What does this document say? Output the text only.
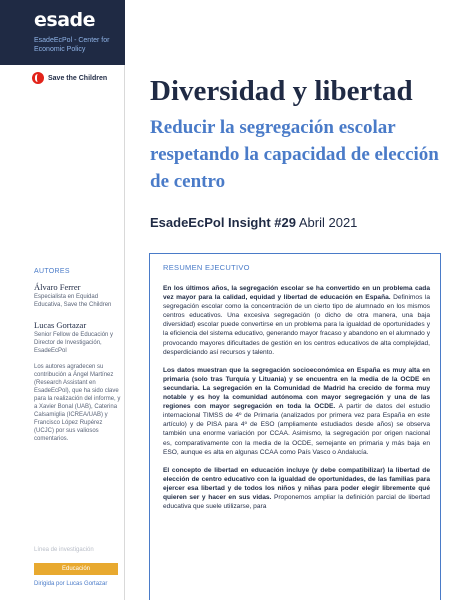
esade
EsadeEcPol - Center for Economic Policy
Save the Children
AUTORES
Álvaro Ferrer
Especialista en Equidad Educativa, Save the Children
Lucas Gortazar
Senior Fellow de Educación y Director de Investigación, EsadeEcPol
Los autores agradecen su contribución a Ángel Martínez (Research Assistant en EsadeEcPol), que ha sido clave para la realización del informe, y a Xavier Bonal (UAB), Caterina Calsamiglia (ICREA/UAB) y Francisco López Rupérez (UCJC) por sus valiosos comentarios.
Línea de investigación
Educación
Dirigida por Lucas Gortazar
Diversidad y libertad
Reducir la segregación escolar respetando la capacidad de elección de centro
EsadeEcPol Insight #29 Abril 2021
RESUMEN EJECUTIVO

En los últimos años, la segregación escolar se ha convertido en un problema cada vez mayor para la calidad, equidad y libertad de educación en España. Definimos la segregación escolar como la concentración de un cierto tipo de alumnado en los mismos centros educativos. Una excesiva segregación (o dicho de otra manera, una baja diversidad) escolar puede convertirse en un problema para la igualdad de oportunidades y la eficiencia del sistema educativo, generando mayor fracaso y abandono en el alumnado y provocando mayores dificultades de gestión en los centros educativos de alta complejidad, desperdiciando así recursos y talento.

Los datos muestran que la segregación socioeconómica en España es muy alta en primaria (solo tras Turquía y Lituania) y se encuentra en la media de la OCDE en secundaria. La segregación en la Comunidad de Madrid ha crecido de forma muy notable y es hoy la comunidad autónoma con mayor segregación y una de las regiones con mayor segregación en toda la OCDE. A partir de datos del estudio internacional TIMSS de 4º de Primaria (analizados por primera vez para España en este artículo) y de PISA para 4º de ESO (ampliamente estudiados desde años) se observa también una enorme variación por CCAA. Asimismo, la segregación por origen nacional es, comparativamente con la media de la OCDE, semejante en primaria y más baja en ESO, aunque es alta en algunas CCAA como País Vasco o Andalucía.

El concepto de libertad en educación incluye (y debe compatibilizar) la libertad de elección de centro educativo con la igualdad de oportunidades, de las familias para ejercer esa libertad y de todos los niños y niñas para poder elegir libremente qué quieren ser y hacer en sus vidas. Proponemos ampliar la definición parcial de libertad educativa que suele utilizarse, para
